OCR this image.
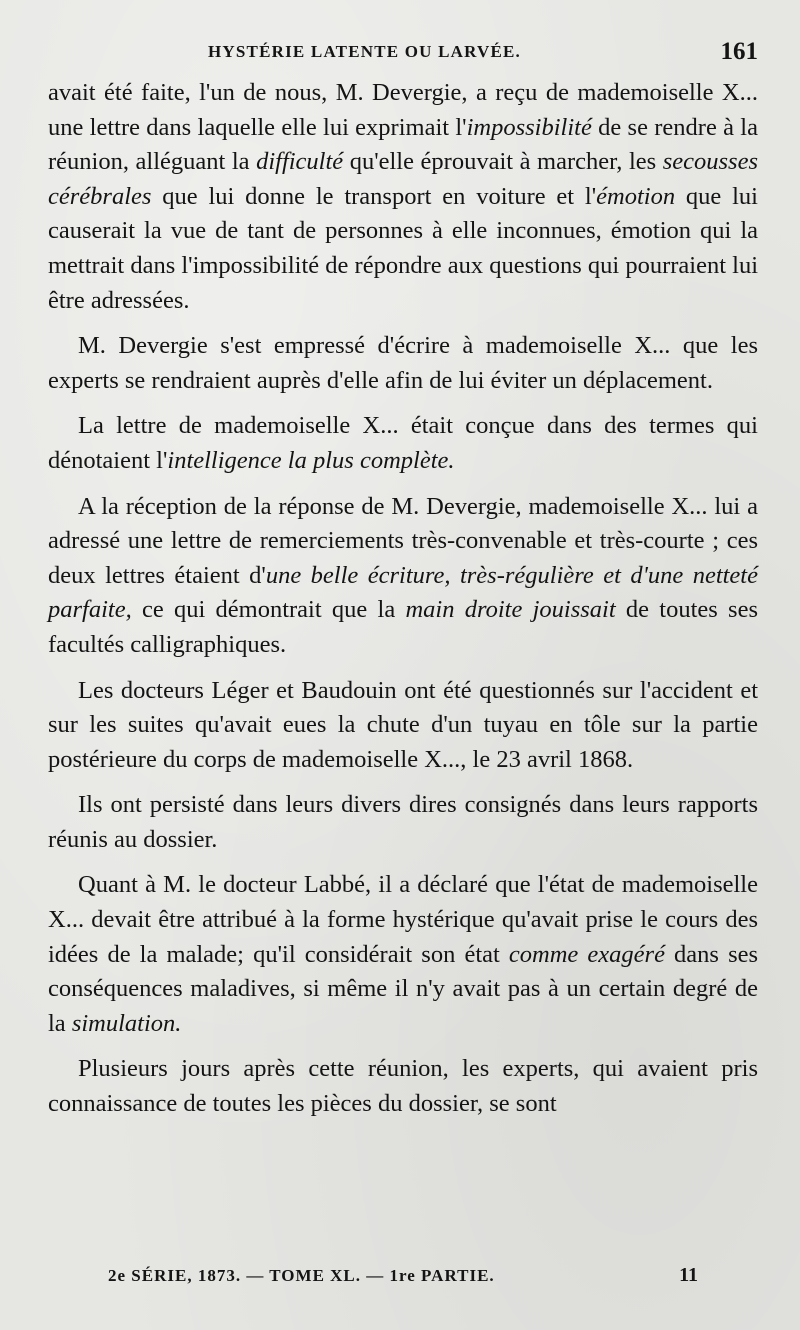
HYSTÉRIE LATENTE OU LARVÉE.	161

avait été faite, l'un de nous, M. Devergie, a reçu de mademoiselle X... une lettre dans laquelle elle lui exprimait l'impossibilité de se rendre à la réunion, alléguant la difficulté qu'elle éprouvait à marcher, les secousses cérébrales que lui donne le transport en voiture et l'émotion que lui causerait la vue de tant de personnes à elle inconnues, émotion qui la mettrait dans l'impossibilité de répondre aux questions qui pourraient lui être adressées.

M. Devergie s'est empressé d'écrire à mademoiselle X... que les experts se rendraient auprès d'elle afin de lui éviter un déplacement.

La lettre de mademoiselle X... était conçue dans des termes qui dénotaient l'intelligence la plus complète.

A la réception de la réponse de M. Devergie, mademoiselle X... lui a adressé une lettre de remerciements très-convenable et très-courte ; ces deux lettres étaient d'une belle écriture, très-régulière et d'une netteté parfaite, ce qui démontrait que la main droite jouissait de toutes ses facultés calligraphiques.

Les docteurs Léger et Baudouin ont été questionnés sur l'accident et sur les suites qu'avait eues la chute d'un tuyau en tôle sur la partie postérieure du corps de mademoiselle X..., le 23 avril 1868.

Ils ont persisté dans leurs divers dires consignés dans leurs rapports réunis au dossier.

Quant à M. le docteur Labbé, il a déclaré que l'état de mademoiselle X... devait être attribué à la forme hystérique qu'avait prise le cours des idées de la malade; qu'il considérait son état comme exagéré dans ses conséquences maladives, si même il n'y avait pas à un certain degré de la simulation.

Plusieurs jours après cette réunion, les experts, qui avaient pris connaissance de toutes les pièces du dossier, se sont

2e SÉRIE, 1873. — TOME XL. — 1re PARTIE.	11
